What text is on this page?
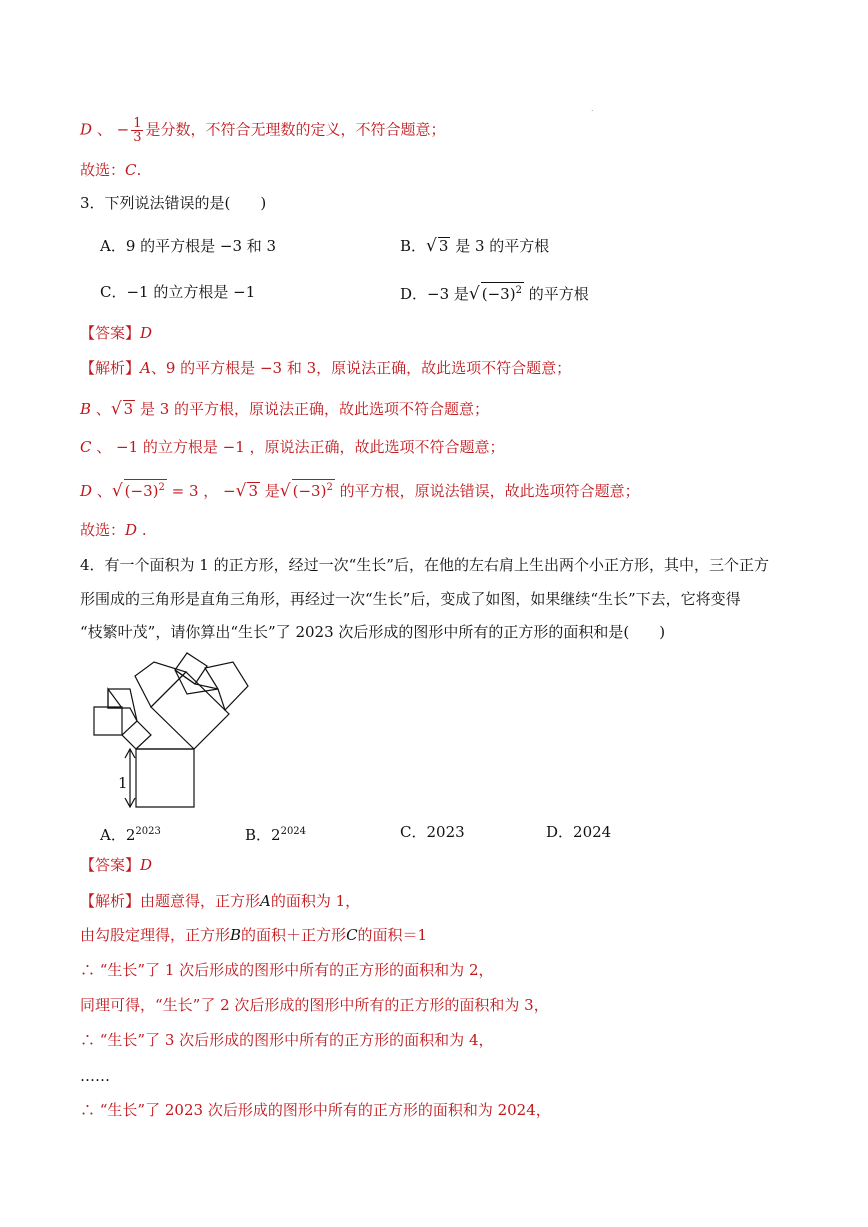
.
D 、 − $\frac{1}{3}$ 是分数，不符合无理数的定义，不符合题意；
故选：C.
3．下列说法错误的是(　　)
A．9 的平方根是 −3 和 3	B．√ 3 是 3 的平方根
C．−1 的立方根是 −1	D．−3 是√ $(-3)^2$ 的平方根
【答案】D
【解析】A、9 的平方根是 −3 和 3，原说法正确，故此选项不符合题意；
B 、√ 3 是 3 的平方根，原说法正确，故此选项不符合题意；
C 、 −1 的立方根是 −1 ，原说法正确，故此选项不符合题意；
D 、√ $(-3)^2 = 3$ ， −√ 3 是√ $(-3)^2$ 的平方根，原说法错误，故此选项符合题意；
故选：D .
4．有一个面积为 1 的正方形，经过一次“生长”后，在他的左右肩上生出两个小正方形，其中，三个正方
形围成的三角形是直角三角形，再经过一次“生长”后，变成了如图，如果继续“生长”下去，它将变得
“枝繁叶茂”，请你算出“生长”了 2023 次后形成的图形中所有的正方形的面积和是(　　)
1
A．$2^{2023}$	B．$2^{2024}$	C．2023	D．2024
【答案】D
【解析】由题意得，正方形A的面积为 1，
由勾股定理得，正方形B的面积＋正方形C的面积＝1
∴ “生长”了 1 次后形成的图形中所有的正方形的面积和为 2，
同理可得，“生长”了 2 次后形成的图形中所有的正方形的面积和为 3，
∴ “生长”了 3 次后形成的图形中所有的正方形的面积和为 4，
……
∴ “生长”了 2023 次后形成的图形中所有的正方形的面积和为 2024，
